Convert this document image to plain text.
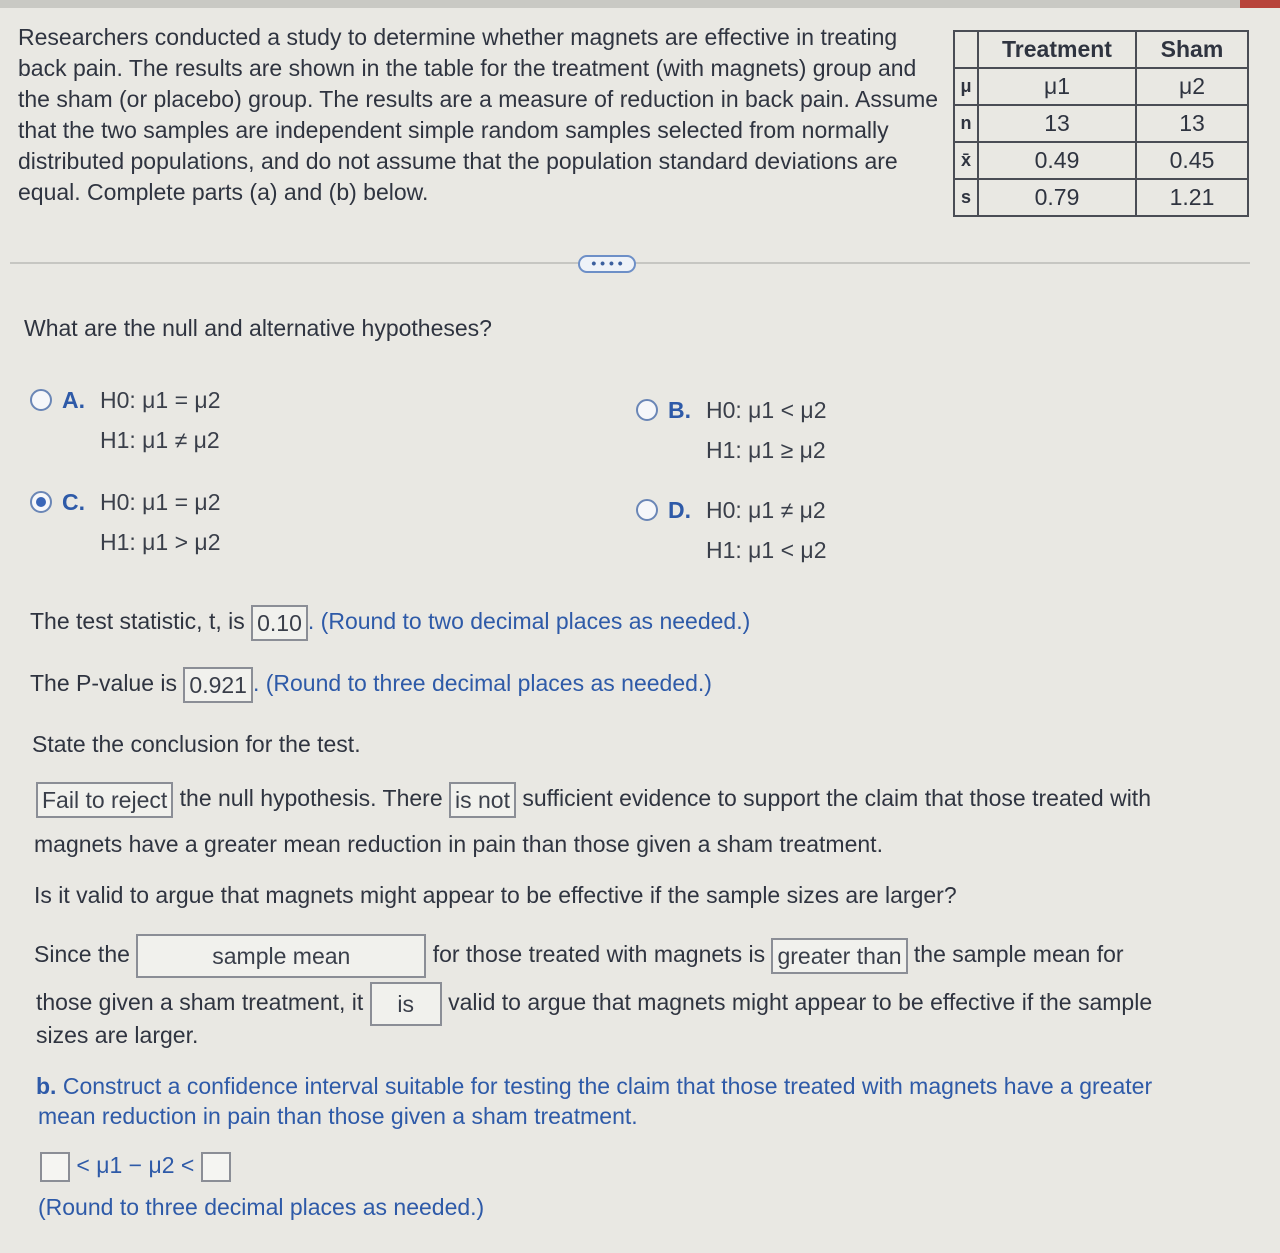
Researchers conducted a study to determine whether magnets are effective in treating back pain. The results are shown in the table for the treatment (with magnets) group and the sham (or placebo) group. The results are a measure of reduction in back pain. Assume that the two samples are independent simple random samples selected from normally distributed populations, and do not assume that the population standard deviations are equal. Complete parts (a) and (b) below.
	Treatment	Sham
μ	μ1	μ2
n	13	13
x̄	0.49	0.45
s	0.79	1.21
• • • •
What are the null and alternative hypotheses?
A. H0: μ1 = μ2
H1: μ1 ≠ μ2
B. H0: μ1 < μ2
H1: μ1 ≥ μ2
C. H0: μ1 = μ2
H1: μ1 > μ2
D. H0: μ1 ≠ μ2
H1: μ1 < μ2
The test statistic, t, is 0.10 . (Round to two decimal places as needed.)
The P-value is 0.921 . (Round to three decimal places as needed.)
State the conclusion for the test.
Fail to reject the null hypothesis. There is not sufficient evidence to support the claim that those treated with
magnets have a greater mean reduction in pain than those given a sham treatment.
Is it valid to argue that magnets might appear to be effective if the sample sizes are larger?
Since the	sample mean	for those treated with magnets is greater than the sample mean for
those given a sham treatment, it is valid to argue that magnets might appear to be effective if the sample
sizes are larger.
b. Construct a confidence interval suitable for testing the claim that those treated with magnets have a greater
mean reduction in pain than those given a sham treatment.
< μ1 − μ2 <
(Round to three decimal places as needed.)
